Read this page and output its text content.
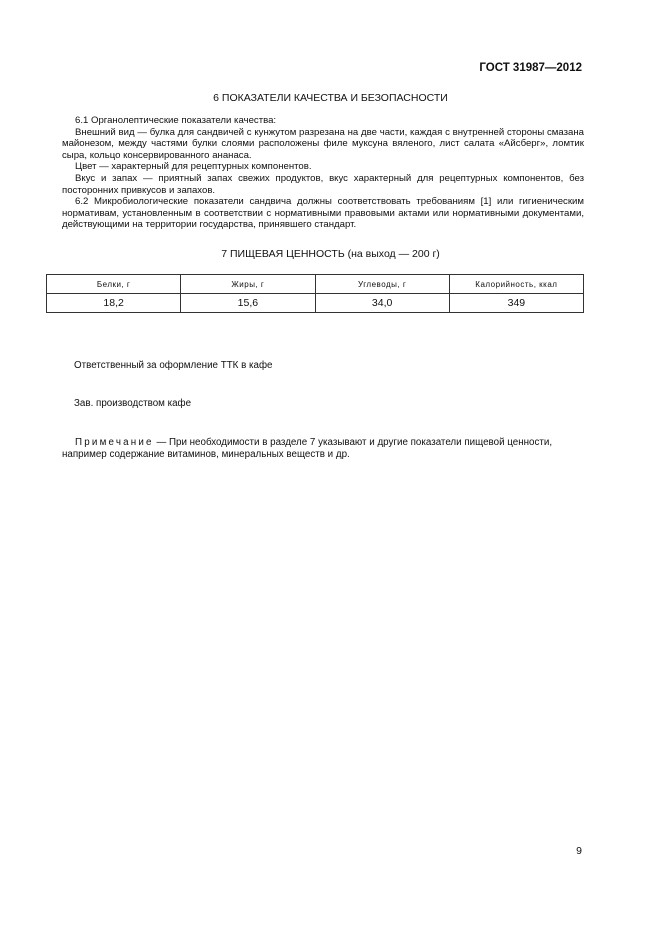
ГОСТ 31987—2012
6 ПОКАЗАТЕЛИ КАЧЕСТВА И БЕЗОПАСНОСТИ

6.1 Органолептические показатели качества:

Внешний вид — булка для сандвичей с кунжутом разрезана на две части, каждая с внутренней стороны смазана майонезом, между частями булки слоями расположены филе муксуна вяленого, лист салата «Айсберг», ломтик сыра, кольцо консервированного ананаса.

Цвет — характерный для рецептурных компонентов.

Вкус и запах — приятный запах свежих продуктов, вкус характерный для рецептурных компонентов, без посторонних привкусов и запахов.

6.2 Микробиологические показатели сандвича должны соответствовать требованиям [1] или гигиеническим нормативам, установленным в соответствии с нормативными правовыми актами или нормативными документами, действующими на территории государства, принявшего стандарт.

7 ПИЩЕВАЯ ЦЕННОСТЬ (на выход — 200 г)
Белки, г	Жиры, г	Углеводы, г	Калорийность, ккал
18,2	15,6	34,0	349
Ответственный за оформление ТТК в кафе
Зав. производством кафе
Примечание — При необходимости в разделе 7 указывают и другие показатели пищевой ценности, например содержание витаминов, минеральных веществ и др.
9
